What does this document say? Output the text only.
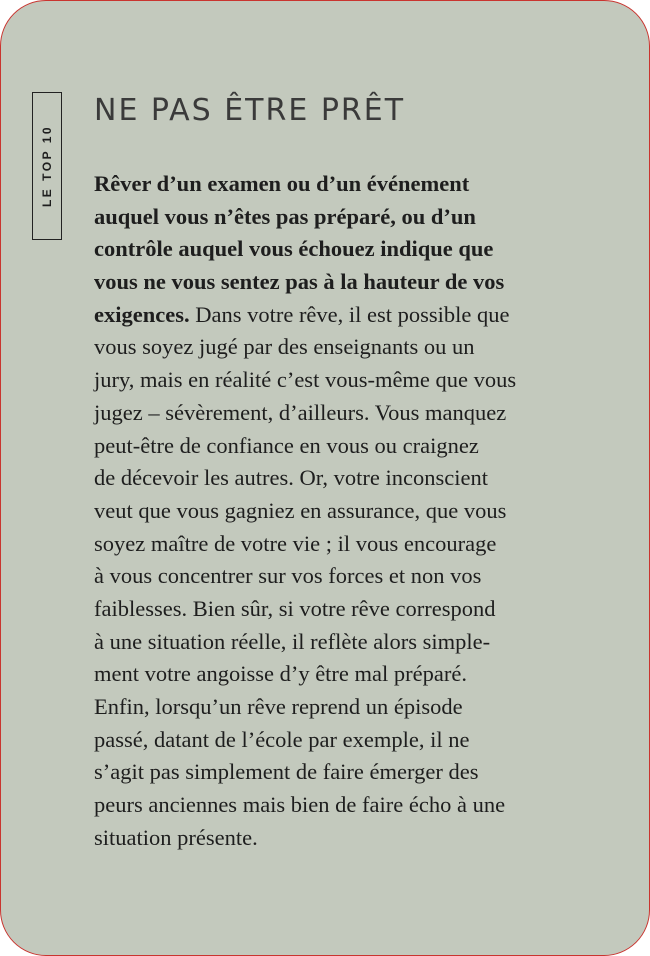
LE TOP 10
NE PAS ÊTRE PRÊT
Rêver d’un examen ou d’un événement
auquel vous n’êtes pas préparé, ou d’un
contrôle auquel vous échouez indique que
vous ne vous sentez pas à la hauteur de vos
exigences. Dans votre rêve, il est possible que
vous soyez jugé par des enseignants ou un
jury, mais en réalité c’est vous-même que vous
jugez – sévèrement, d’ailleurs. Vous manquez
peut-être de confiance en vous ou craignez
de décevoir les autres. Or, votre inconscient
veut que vous gagniez en assurance, que vous
soyez maître de votre vie ; il vous encourage
à vous concentrer sur vos forces et non vos
faiblesses. Bien sûr, si votre rêve correspond
à une situation réelle, il reflète alors simple-
ment votre angoisse d’y être mal préparé.
Enfin, lorsqu’un rêve reprend un épisode
passé, datant de l’école par exemple, il ne
s’agit pas simplement de faire émerger des
peurs anciennes mais bien de faire écho à une
situation présente.
